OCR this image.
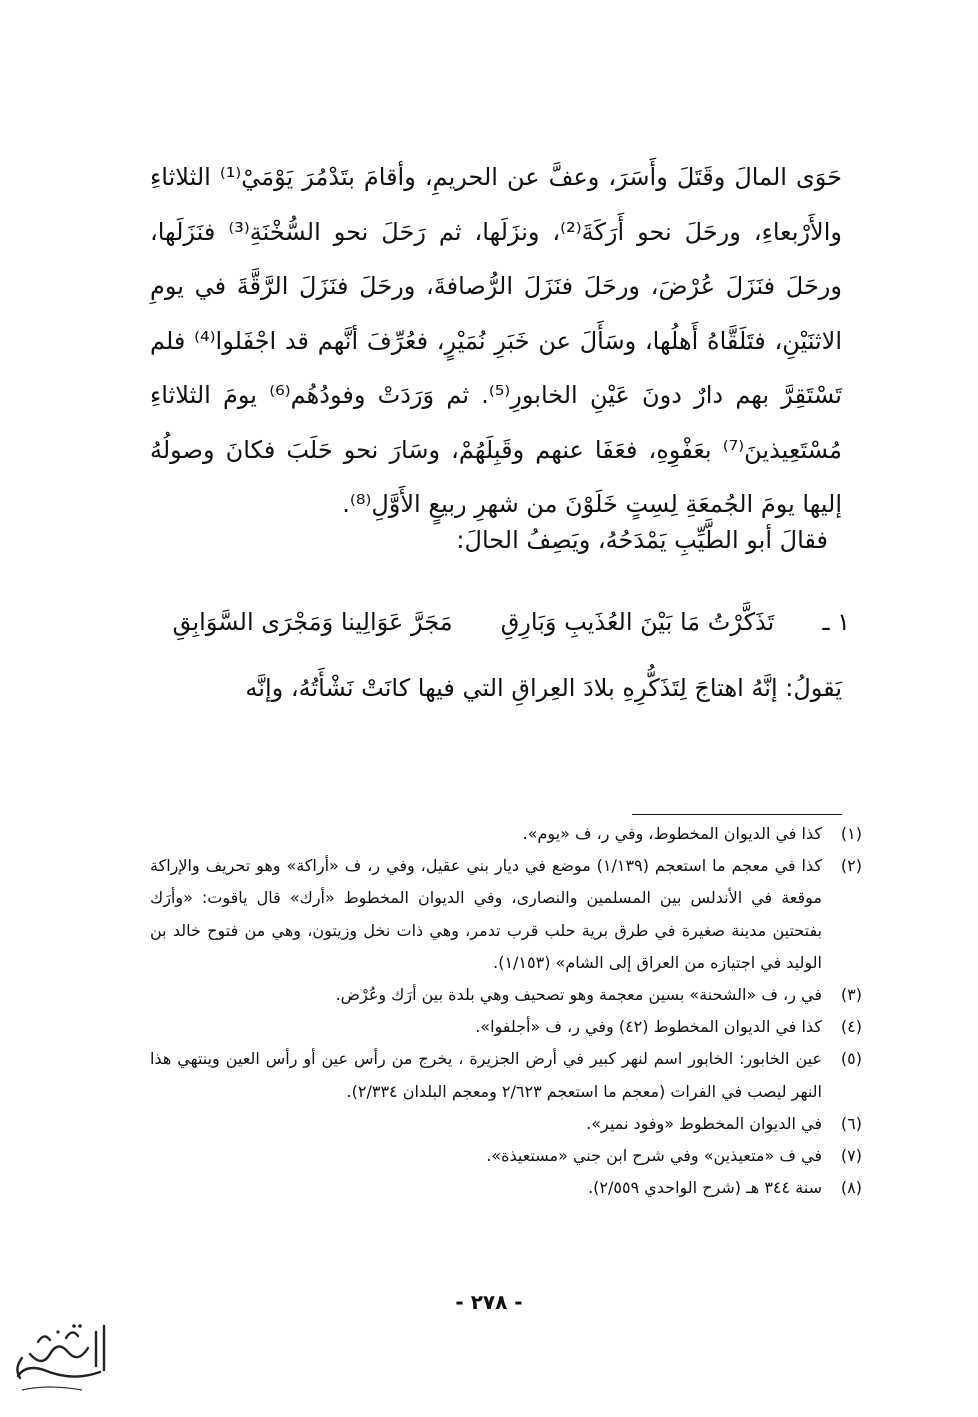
حَوَى المالَ وقَتَلَ وأَسَرَ، وعفَّ عن الحريمِ، وأقامَ بتَدْمُرَ يَوْمَيْ⁽¹⁾ الثلاثاءِ والأَرْبعاءِ، ورحَلَ نحو أَرَكَةَ⁽²⁾، ونزَلَها، ثم رَحَلَ نحو السُّخْنَةِ⁽³⁾ فنَزَلَها، ورحَلَ فنَزَلَ عُرْضَ، ورحَلَ فنَزَلَ الرُّصافةَ، ورحَلَ فنَزَلَ الرَّقَّةَ في يومِ الاثنَيْنِ، فتَلَقَّاهُ أَهلُها، وسَأَلَ عن خَبَرِ نُمَيْرٍ، فعُرِّفَ أنَّهم قد اجْفَلوا⁽⁴⁾ فلم تَسْتَقِرَّ بهم دارٌ دونَ عَيْنِ الخابورِ⁽⁵⁾. ثم وَرَدَتْ وفودُهُم⁽⁶⁾ يومَ الثلاثاءِ مُسْتَعِيذينَ⁽⁷⁾ بعَفْوِهِ، فعَفَا عنهم وقَبِلَهُمْ، وسَارَ نحو حَلَبَ فكانَ وصولُهُ إليها يومَ الجُمعَةِ لِسِتٍ خَلَوْنَ من شهرِ ربيعٍ الأَوَّلِ⁽⁸⁾.

فقالَ أبو الطَّيِّبِ يَمْدَحُهُ، ويَصِفُ الحالَ:
١ ـ
تَذَكَّرْتُ مَا بَيْنَ العُذَيبِ وَبَارِقِ
مَجَرَّ عَوَالِينا وَمَجْرَى السَّوَابِقِ
يَقولُ: إنَّهُ اهتاجَ لِتَذَكُّرِهِ بلادَ العِراقِ التي فيها كانَتْ نَشْأَتُهُ، وإنَّه
(١)
كذا في الديوان المخطوط، وفي ر، ف «يوم».
(٢)
كذا في معجم ما استعجم (١/١٣٩) موضع في ديار بني عقيل، وفي ر، ف «أراكة» وهو تحريف والإراكة موقعة في الأندلس بين المسلمين والنصارى، وفي الديوان المخطوط «أرك» قال ياقوت: «وأرَك بفتحتين مدينة صغيرة في طرق برية حلب قرب تدمر، وهي ذات نخل وزيتون، وهي من فتوح خالد بن الوليد في اجتيازه من العراق إلى الشام» (١/١٥٣).
(٣)
في ر، ف «الشحنة» بسين معجمة وهو تصحيف وهي بلدة بين أرَك وعُرْض.
(٤)
كذا في الديوان المخطوط (٤٢) وفي ر، ف «أجلفوا».
(٥)
عين الخابور: الخابور اسم لنهر كبير في أرض الجزيرة ، يخرج من رأس عين أو رأس العين وينتهي هذا النهر ليصب في الفرات (معجم ما استعجم ٢/٦٢٣ ومعجم البلدان ٢/٣٣٤).
(٦)
في الديوان المخطوط «وفود نمير».
(٧)
في ف «متعيذين» وفي شرح ابن جني «مستعيذة».
(٨)
سنة ٣٤٤ هـ (شرح الواحدي ٢/٥٥٩).
- ٢٧٨ -
